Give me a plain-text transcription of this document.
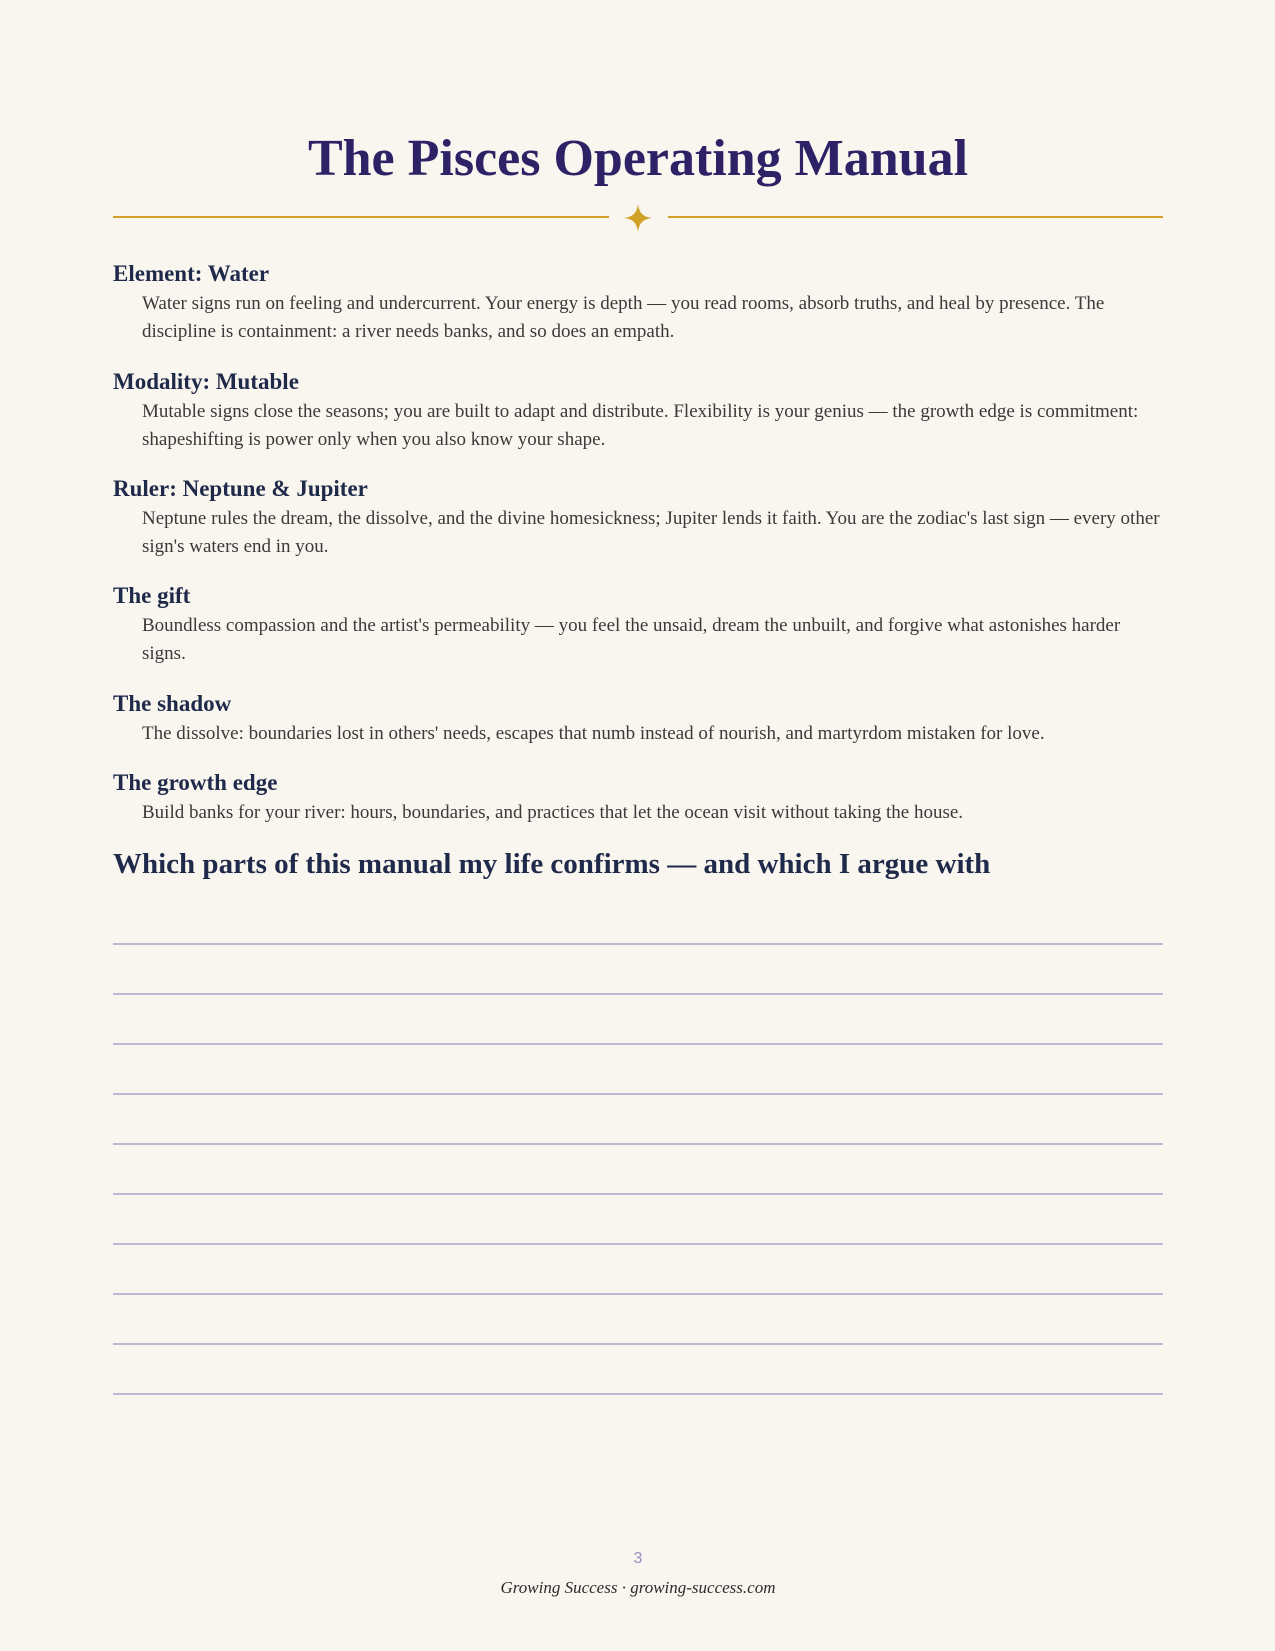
The Pisces Operating Manual
Element: Water

Water signs run on feeling and undercurrent. Your energy is depth — you read rooms, absorb truths, and heal by presence. The discipline is containment: a river needs banks, and so does an empath.

Modality: Mutable

Mutable signs close the seasons; you are built to adapt and distribute. Flexibility is your genius — the growth edge is commitment: shapeshifting is power only when you also know your shape.

Ruler: Neptune & Jupiter

Neptune rules the dream, the dissolve, and the divine homesickness; Jupiter lends it faith. You are the zodiac's last sign — every other sign's waters end in you.

The gift

Boundless compassion and the artist's permeability — you feel the unsaid, dream the unbuilt, and forgive what astonishes harder signs.

The shadow

The dissolve: boundaries lost in others' needs, escapes that numb instead of nourish, and martyrdom mistaken for love.

The growth edge

Build banks for your river: hours, boundaries, and practices that let the ocean visit without taking the house.

Which parts of this manual my life confirms — and which I argue with
3
Growing Success · growing-success.com
